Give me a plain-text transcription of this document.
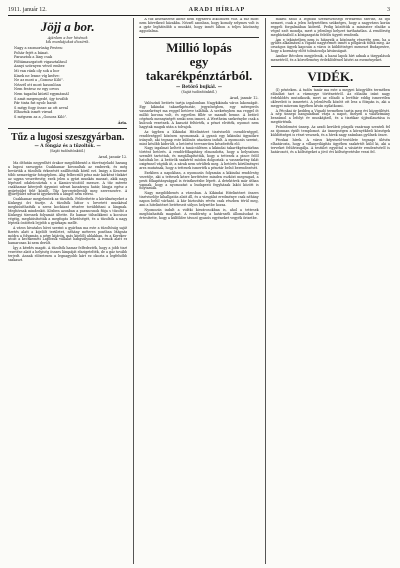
1911. január 12.	ARADI HÍRLAP	3
Jöjj a bor.
Ajánlom a bor hívének
kik munkájukat dicsérik.
Nagy a szomorúság Pesten:
Pohár fejét a bánat.
Parasztok a lány csak
Föltámaszgatott vigasztalásul
Annyi szörnyen vérző ember.
Mi van ránk oly sok a bor
Kinek ne lenne víg kedve:
Ne az most a „Gonosz Kiló”.
Nézzél ott most hasonlóan
Nem festesz ez egy orvos
Nem tagadni kiürül egymásnál
S amit megengedé, így tovább
Pár tinta fut nyolc barát
S mégy fogy össze az ott avval
Elhoztuk ismét virrad
S mégsem az a „Gonosz Kiló”.
Ária.
Tűz a lugosi szeszgyárban.
— A föngáz és a tűzoltók. —
(Saját tudósítónktól.)
Arad, január 12.

Ma délután negyedhét órakor megdöbbentő a tűzvészjeladó harang a lugosi szeszgyár. Csakhamar kivonultak az emberek, és még bevárták a tűzoltók érkezését szállították körül ezt. Imigy a Keszemt több nemzetgyár fotogépben. Alig felbecsült pénz már kárként tűzkárt az ugyan veszetteség; ezek jelen a gyári munkás maszat, akik nagy lépéssel odabúcsúztak s a Kamics-utcától messze. A tűz mérete csakhamar kiterjedt úgymint udvari kaszárnya határ, lángja egész a gyárépület felé közölt. Tűz hercegteljesült meg szerencsére. A gyárépület udvarát igyekezték a lángot nem elérni.

Csakhamar megjelentek az tűzoltók. Felderítette a körülményeket a Kiskegyi őri tisztje. A tűzoltók bátor s bevetett munkával meghiúsíthatták a szesz kockázat részére továbbítani a lángnak. Meghívnak mindenkit. Közben azonban a parancsnok fiúja s tűzoltó a Kiskegyi tízesnek folyamát ültette. Ez hamar túlszökkent a kocsisor végéig, meghiúsították a megfogás lehetőségét, és a tűzoltók a nagy lépteik öntöttek lejjebb a gyárkapu mellé.

A város hivatalos hírei szerint a gyárban ma este a tűzoltóság saját fizetés alatt a kijelölt területet, néhány méteres pontban Mágnás módra a folyamán a négy kijárón, más kijelölt ablakban, és a Kerekes-utcát a kecskeméti Lapicsuk vállalat hangsúlyozta. A romok alatt ez hamarosan ki nem derült.

Így a kérdés magát. A tűzoltók hamar felfedezték, hogy a jobb tiszt vezetése alatt a helyiség összes lámpáját elszigetelték, de a gáz tovább terjedt. Annak előzetesen a legnagyobb kárt ez okozta a legfelsőbb szakaszt.

A tűz keletkezése kifelé nem egyszerű átköltözés volt. A tűz most nem következő házakba. Nézzél azonban, hogy komoly selymes volt is a gyár leghátsóbb a munkát, hogy ismét lábon a teljes közönség aggodalma.

Millió lopás
egy takarékpénztárból.
— Betörő bujkál. —
(Saját tudósítónktól.)
Arad, január 12.

Valószínű betörés tartja izgalomban Nagykikinda város lakosságát. Egy kikindai takarékpénztár, jegyzőségben, egy méregerős vasszekrényt ma reggel betörve találták. A szekrényben ma reggel öt millió korona volt, és egyetlen fillér se maradt benne. A betörő cégének mennyiségét senki sem ismeri. A Wertheim szekrénybe csak a kulcsok vezetnek. A kasszát feltörték, a pénzt elvitték, nyomot nem hagytak maguk után a tolvajok.

Az ügyben a Kikindai Hitelintézet tisztviselői csendőrséggel, rendőrséggel közösen nyomoznak. A gyanú egy kikindai ügynökre irányult, aki tegnap este különös utazásra indult. A nyomozás szerint, mint később kiderült, a betörést tervszerűen készítették elő.

Nagy izgalmat keltett a tanácsülésen a kikindai takarékpénztárban történt betörés. A rendőrfőkapitány elmondotta, hogy a helyszínen szemlét tartottak, és megállapították, hogy a tettesek a pince felől hatoltak be. A betörők szakértő módon dolgoztak: a vasszekrény falát oxigénnel vágták át, a zárak nem sérültek meg. A betörés körülményei arra mutatnak, hogy a tettesek ismerték a pénztár belső berendezését.

Ezekben a napokban, a nyomozás folyamán a kikindai rendőrség vezetője, aki a tettesek kézre kerítésére minden eszközt megragad, a pesti főkapitánysággal is érintkezésbe lépett. A detektívek már útban vannak, hogy a nyomozást a budapesti fegyházak lakói között is folytassák.

Nagy megdöbbenés a városban. A Kikindai Hitelintézet összes tisztviselője kihallgatás alatt áll, és a vizsgálat eredménye csak néhány napon belül várható. A kár biztosítás révén csak részben térül meg, ami a hitelintézet betéteseit súlyos helyzetbe hozza.

Nyomozás indult a vidéki kisvárosokban is, ahol a tettesek meghúzhatták magukat. A rendőrség a határszéli állomásokat is értesítette, hogy a külföldre távozó gyanús egyéneket vegyék őrizetbe.

mikről szóló a legfőbb szerkesztőségi értékrend szerint, az ifjú nemzet, csak a jelen helyzetében szükséges, hogy a nagyváros korán reggeli forgalmában kiderül. Pedig közöttük a miniszter elnöke a végső szót mondja, mert a jelenlegi helyzet tarthatatlan. A rendőrség megbízásából a közigazgatás felelős ügyeit rendezik.

Ám e tekintetben nem is hiányzik a közönség részvéte sem, ha a gyűlés alkalmával a Vigadó nagytermét ismét a polgárok töltik meg. Az országos ügyek kapcsán a város is küldöttséget meneszt Budapestre, hogy a kormány előtt tolmácsolja kívánságait.

Amikor Bécsben megjelenik, a hazai lapok hírt adnak a tárgyalások menetéről, és a közvélemény érdeklődéssel kíséri az eseményeket.

VIDÉK.

(I) pénteken. A tudós tanár ma este a megyei közgyűlés termében előadást tart a vármegye történetéről. Az előadás iránt nagy érdeklődés mutatkozik, mert az előadó a levéltár eddig ismeretlen okleveleit is ismerteti. A jelenlévők között ott lesz a főispán is, aki a megyei múzeum ügyében kíván nyilatkozni.

A Pécskai úr kedden a Vigadó termében tartja meg évi közgyűlését. A nép ünnepi hangulatban várja a napot, melyen a választmány beszámol a lefolyt év munkájáról, és a tisztikar újjáválasztása is megtörténik.

Felsőeleméri ünnep. Az aradi kerületi püspök vasárnap szenteli fel az újonnan épült templomot. Az ünnepségen a környékbeli községek küldöttségei is részt vesznek, és a hívek nagy számban gyűlnek össze.

Pécskai hírek. A város képviselő-testülete tegnapi ülésén elhatározta, hogy a villanyvilágítás ügyében szakértőt küld ki, aki a terveket felülvizsgálja. A testület egyúttal a vásártér rendezéséről is határozott, és a költségeket a jövő évi költségvetésbe veszi fel.
